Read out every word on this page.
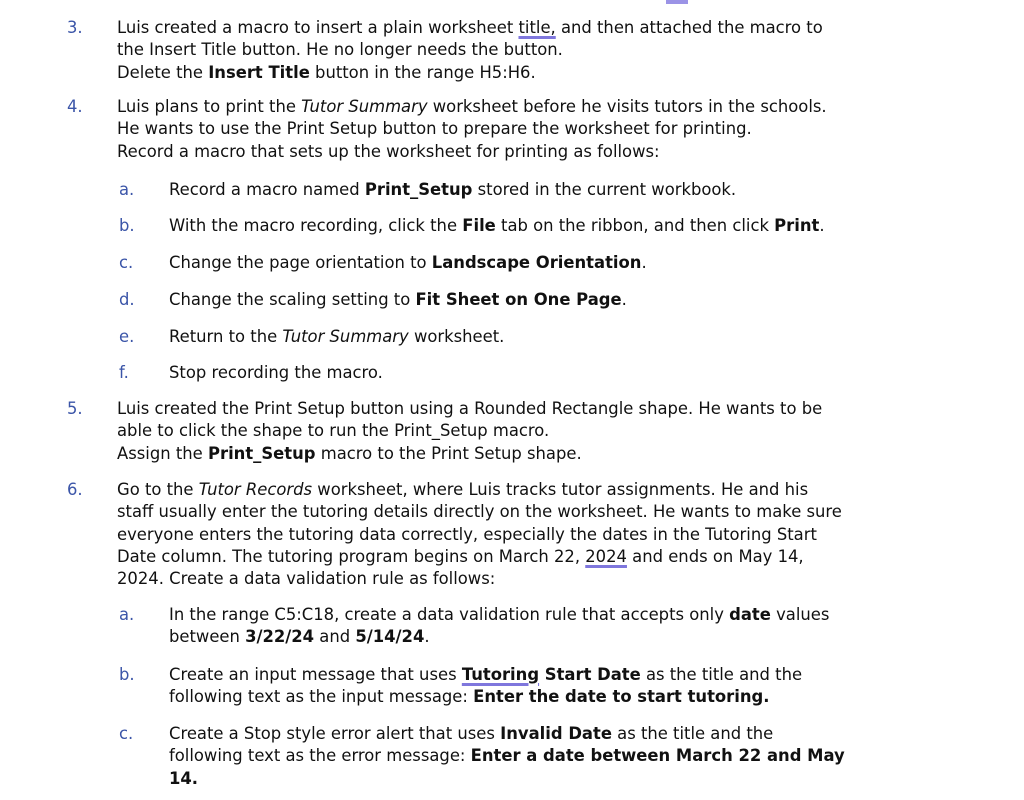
3. Luis created a macro to insert a plain worksheet title, and then attached the macro to
the Insert Title button. He no longer needs the button.
Delete the Insert Title button in the range H5:H6.
4. Luis plans to print the Tutor Summary worksheet before he visits tutors in the schools.
He wants to use the Print Setup button to prepare the worksheet for printing.
Record a macro that sets up the worksheet for printing as follows:
a. Record a macro named Print_Setup stored in the current workbook.
b. With the macro recording, click the File tab on the ribbon, and then click Print.
c. Change the page orientation to Landscape Orientation.
d. Change the scaling setting to Fit Sheet on One Page.
e. Return to the Tutor Summary worksheet.
f. Stop recording the macro.
5. Luis created the Print Setup button using a Rounded Rectangle shape. He wants to be
able to click the shape to run the Print_Setup macro.
Assign the Print_Setup macro to the Print Setup shape.
6. Go to the Tutor Records worksheet, where Luis tracks tutor assignments. He and his
staff usually enter the tutoring details directly on the worksheet. He wants to make sure
everyone enters the tutoring data correctly, especially the dates in the Tutoring Start
Date column. The tutoring program begins on March 22, 2024 and ends on May 14,
2024. Create a data validation rule as follows:
a. In the range C5:C18, create a data validation rule that accepts only date values
between 3/22/24 and 5/14/24.
b. Create an input message that uses Tutoring Start Date as the title and the
following text as the input message: Enter the date to start tutoring.
c. Create a Stop style error alert that uses Invalid Date as the title and the
following text as the error message: Enter a date between March 22 and May
14.
